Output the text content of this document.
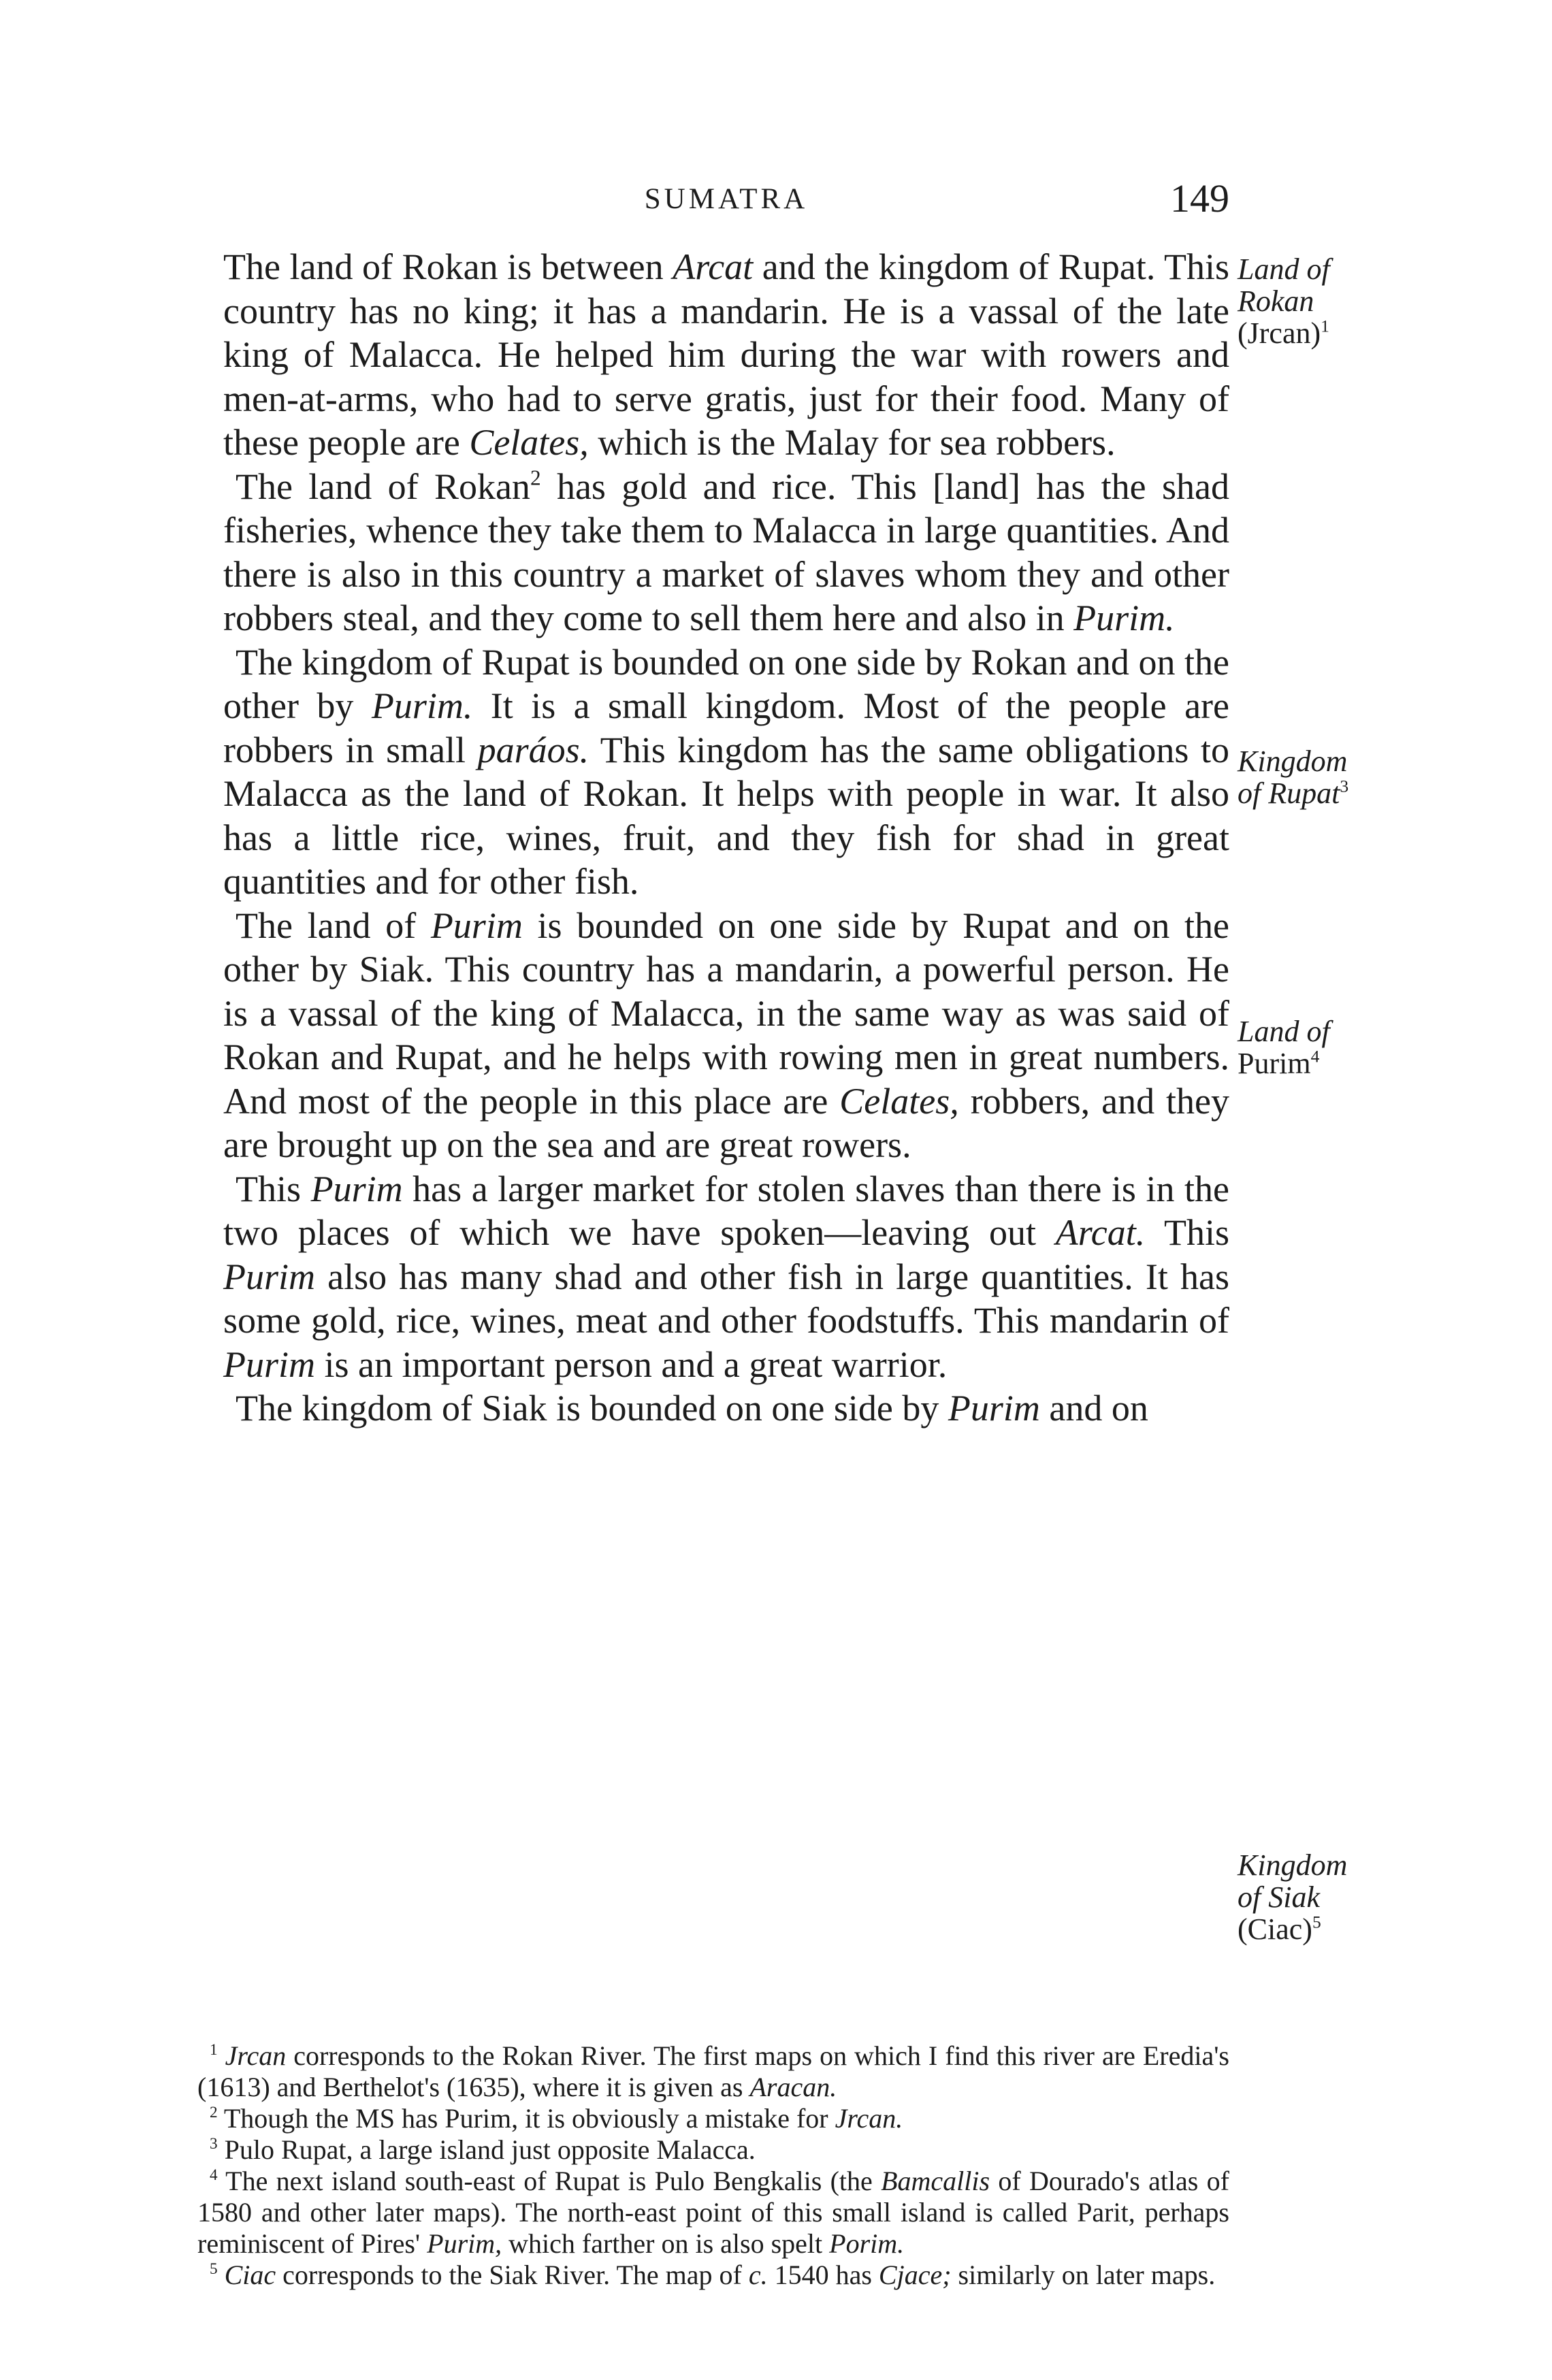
SUMATRA	149

The land of Rokan is between Arcat and the kingdom of Rupat. This country has no king; it has a mandarin. He is a vassal of the late king of Malacca. He helped him during the war with rowers and men-at-arms, who had to serve gratis, just for their food. Many of these people are Celates, which is the Malay for sea robbers.

The land of Rokan$^2$ has gold and rice. This [land] has the shad fisheries, whence they take them to Malacca in large quantities. And there is also in this country a market of slaves whom they and other robbers steal, and they come to sell them here and also in Purim.

The kingdom of Rupat is bounded on one side by Rokan and on the other by Purim. It is a small kingdom. Most of the people are robbers in small paráos. This kingdom has the same obligations to Malacca as the land of Rokan. It helps with people in war. It also has a little rice, wines, fruit, and they fish for shad in great quantities and for other fish.

The land of Purim is bounded on one side by Rupat and on the other by Siak. This country has a mandarin, a powerful person. He is a vassal of the king of Malacca, in the same way as was said of Rokan and Rupat, and he helps with rowing men in great numbers. And most of the people in this place are Celates, robbers, and they are brought up on the sea and are great rowers.

This Purim has a larger market for stolen slaves than there is in the two places of which we have spoken—leaving out Arcat. This Purim also has many shad and other fish in large quantities. It has some gold, rice, wines, meat and other foodstuffs. This mandarin of Purim is an important person and a great warrior.

The kingdom of Siak is bounded on one side by Purim and on

Land of Rokan
(Jrcan)$^1$
Kingdom of Rupat$^3$
Land of
Purim$^4$
Kingdom of Siak
(Ciac)$^5$

$^1$ Jrcan corresponds to the Rokan River. The first maps on which I find this river are Eredia's (1613) and Berthelot's (1635), where it is given as Aracan.

$^2$ Though the MS has Purim, it is obviously a mistake for Jrcan.

$^3$ Pulo Rupat, a large island just opposite Malacca.

$^4$ The next island south-east of Rupat is Pulo Bengkalis (the Bamcallis of Dourado's atlas of 1580 and other later maps). The north-east point of this small island is called Parit, perhaps reminiscent of Pires' Purim, which farther on is also spelt Porim.

$^5$ Ciac corresponds to the Siak River. The map of c. 1540 has Cjace; similarly on later maps.
